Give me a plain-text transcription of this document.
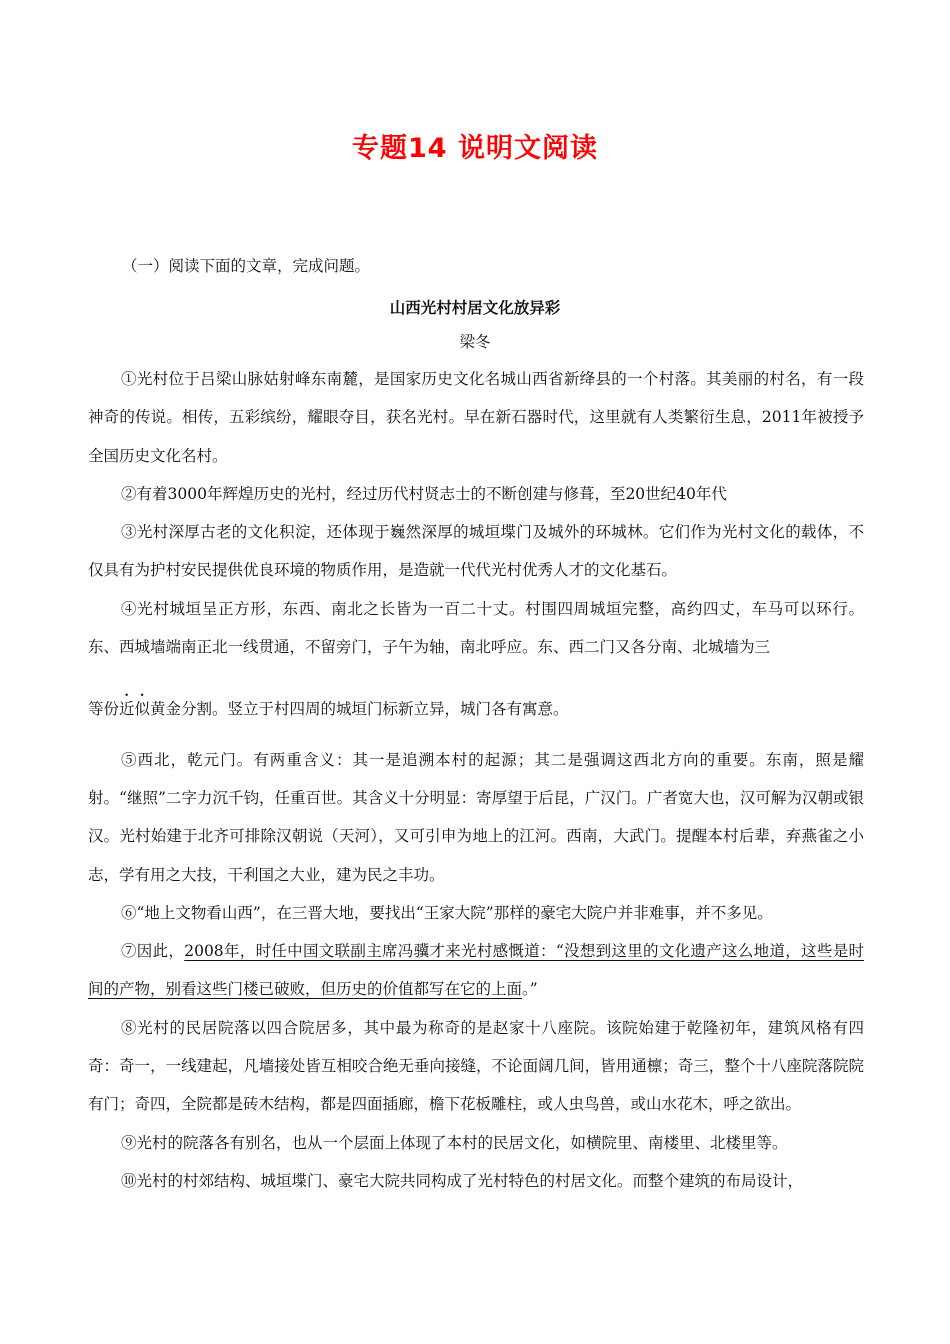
专题14 说明文阅读
（一）阅读下面的文章，完成问题。
山西光村村居文化放异彩
梁冬

①光村位于吕梁山脉姑射峰东南麓，是国家历史文化名城山西省新绛县的一个村落。其美丽的村名，有一段神奇的传说。相传，五彩缤纷，耀眼夺目，获名光村。早在新石器时代，这里就有人类繁衍生息，2011年被授予全国历史文化名村。

②有着3000年辉煌历史的光村，经过历代村贤志士的不断创建与修葺，至20世纪40年代

③光村深厚古老的文化积淀，还体现于巍然深厚的城垣堞门及城外的环城林。它们作为光村文化的载体，不仅具有为护村安民提供优良环境的物质作用，是造就一代代光村优秀人才的文化基石。

④光村城垣呈正方形，东西、南北之长皆为一百二十丈。村围四周城垣完整，高约四丈，车马可以环行。东、西城墙端南正北一线贯通，不留旁门，子午为轴，南北呼应。东、西二门又各分南、北城墙为三
等份近似黄金分割。竖立于村四周的城垣门标新立异，城门各有寓意。

⑤西北，乾元门。有两重含义：其一是追溯本村的起源；其二是强调这西北方向的重要。东南，照是耀射。“继照”二字力沉千钧，任重百世。其含义十分明显：寄厚望于后昆，广汉门。广者宽大也，汉可解为汉朝或银汉。光村始建于北齐可排除汉朝说（天河），又可引申为地上的江河。西南，大武门。提醒本村后辈，弃燕雀之小志，学有用之大技，干利国之大业，建为民之丰功。

⑥“地上文物看山西”，在三晋大地，要找出“王家大院”那样的豪宅大院户并非难事，并不多见。

⑦因此，2008年，时任中国文联副主席冯骥才来光村感慨道：“没想到这里的文化遗产这么地道，这些是时间的产物，别看这些门楼已破败，但历史的价值都写在它的上面。”

⑧光村的民居院落以四合院居多，其中最为称奇的是赵家十八座院。该院始建于乾隆初年，建筑风格有四奇：奇一，一线建起，凡墙接处皆互相咬合绝无垂向接缝，不论面阔几间，皆用通檩；奇三，整个十八座院落院院有门；奇四，全院都是砖木结构，都是四面插廊，檐下花板雕柱，或人虫鸟兽，或山水花木，呼之欲出。

⑨光村的院落各有别名，也从一个层面上体现了本村的民居文化，如横院里、南楼里、北楼里等。

⑩光村的村郊结构、城垣堞门、豪宅大院共同构成了光村特色的村居文化。而整个建筑的布局设计，
